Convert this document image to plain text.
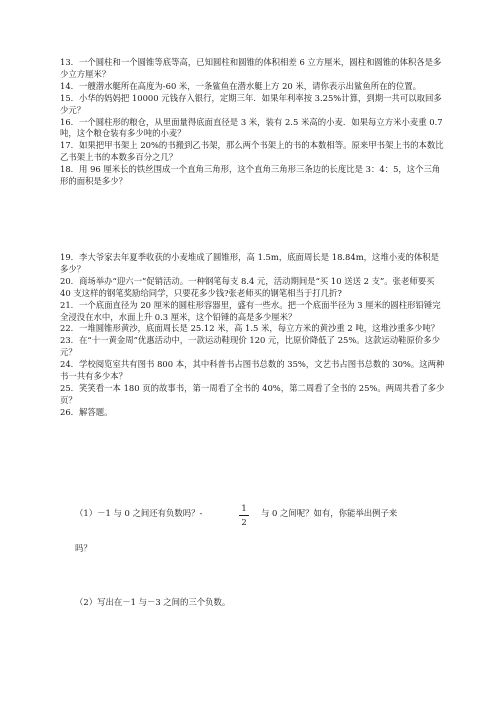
13．一个圆柱和一个圆锥等底等高，已知圆柱和圆锥的体积相差 6 立方厘米，圆柱和圆锥的体积各是多少立方厘米？

14．一艘潜水艇所在高度为-60 米，一条鲨鱼在潜水艇上方 20 米，请你表示出鲨鱼所在的位置。

15．小华的妈妈把 10000 元钱存入银行，定期三年．如果年利率按 3.25%计算，到期一共可以取回多少元？

16．一个圆柱形的粮仓，从里面量得底面直径是 3 米，装有 2.5 米高的小麦．如果每立方米小麦重 0.7 吨，这个粮仓装有多少吨的小麦？

17．如果把甲书架上 20%的书搬到乙书架，那么两个书架上的书的本数相等。原来甲书架上书的本数比乙书架上书的本数多百分之几？

18．用 96 厘米长的铁丝围成一个直角三角形，这个直角三角形三条边的长度比是 3：4：5，这个三角形的面积是多少？

19．李大爷家去年夏季收获的小麦堆成了圆锥形，高 1.5m，底面周长是 18.84m，这堆小麦的体积是多少？

20．商场举办“迎六一”促销活动。一种钢笔每支 8.4 元，活动期间是“买 10 送送 2 支”。张老师要买 40 支这样的钢笔奖励给同学，只要花多少钱?张老师买的钢笔相当于打几折?

21．一个底面直径为 20 厘米的圆柱形容器里，盛有一些水。把一个底面半径为 3 厘米的圆柱形铅锤完全浸没在水中，水面上升 0.3 厘米，这个铅锤的高是多少厘米？

22．一堆圆锥形黄沙，底面周长是 25.12 米，高 1.5 米，每立方米的黄沙重 2 吨，这堆沙重多少吨？

23．在“十一黄金周”优惠活动中，一款运动鞋现价 120 元，比原价降低了 25%。这款运动鞋原价多少元？

24．学校阅览室共有图书 800 本，其中科普书占图书总数的 35%，文艺书占图书总数的 30%。这两种书一共有多少本？

25．笑笑看一本 180 页的故事书，第一周看了全书的 40%，第二周看了全书的 25%。两周共看了多少页？

26．解答题。

（1）－1 与 0 之间还有负数吗？-	1
2
与 0 之间呢？如有，你能举出例子来
吗？
（2）写出在－1 与－3 之间的三个负数。
